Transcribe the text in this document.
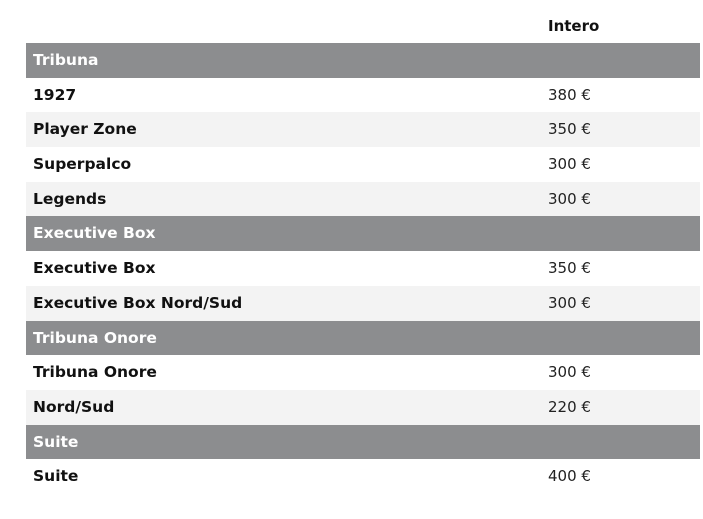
Intero
Tribuna
1927	380 €
Player Zone	350 €
Superpalco	300 €
Legends	300 €
Executive Box
Executive Box	350 €
Executive Box Nord/Sud	300 €
Tribuna Onore
Tribuna Onore	300 €
Nord/Sud	220 €
Suite
Suite	400 €
